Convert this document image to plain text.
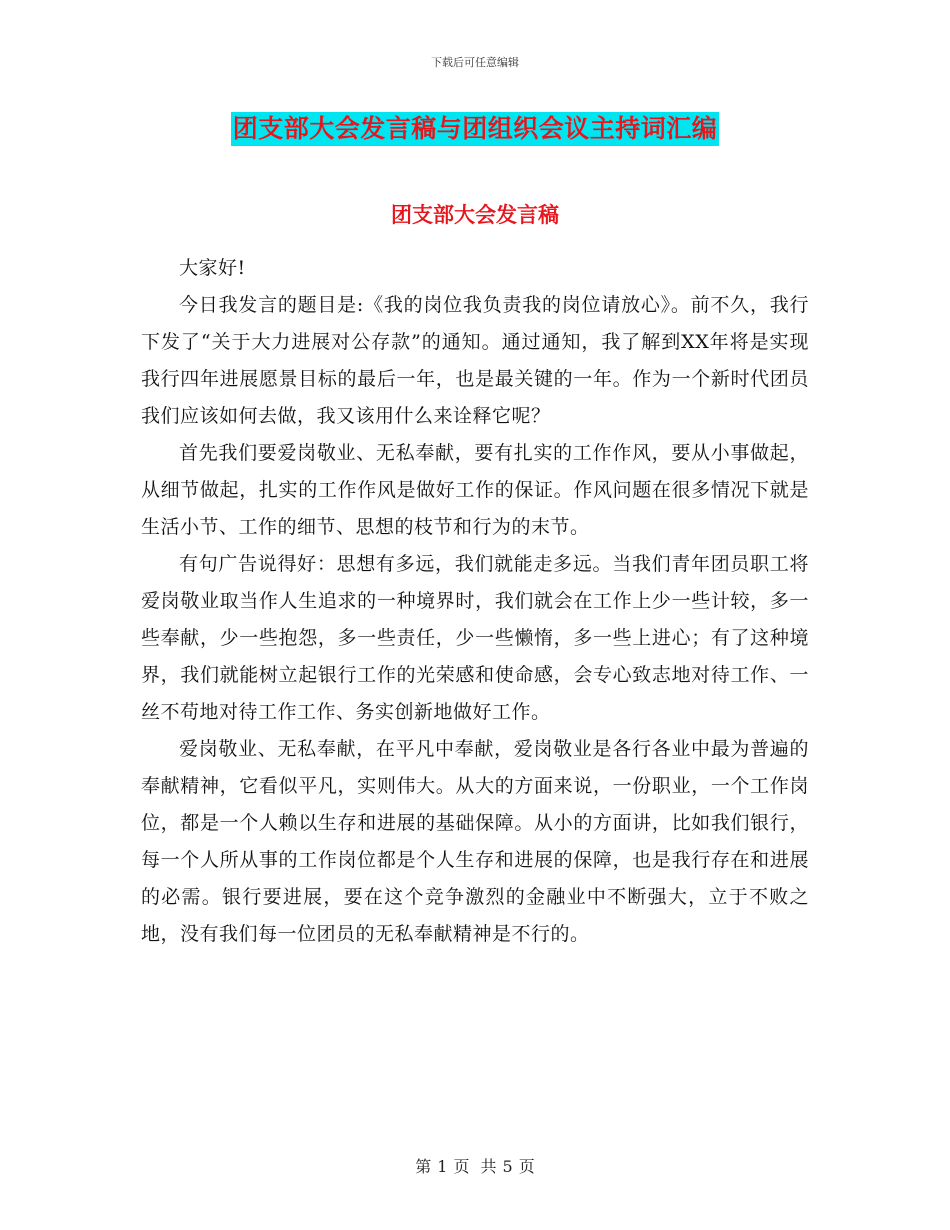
下载后可任意编辑
团支部大会发言稿与团组织会议主持词汇编
团支部大会发言稿

大家好!

今日我发言的题目是:《我的岗位我负责我的岗位请放心》。前不久，我行下发了“关于大力进展对公存款”的通知。通过通知，我了解到XX年将是实现我行四年进展愿景目标的最后一年，也是最关键的一年。作为一个新时代团员我们应该如何去做，我又该用什么来诠释它呢？

首先我们要爱岗敬业、无私奉献，要有扎实的工作作风，要从小事做起，从细节做起，扎实的工作作风是做好工作的保证。作风问题在很多情况下就是生活小节、工作的细节、思想的枝节和行为的末节。

有句广告说得好：思想有多远，我们就能走多远。当我们青年团员职工将爱岗敬业取当作人生追求的一种境界时，我们就会在工作上少一些计较，多一些奉献，少一些抱怨，多一些责任，少一些懒惰，多一些上进心；有了这种境界，我们就能树立起银行工作的光荣感和使命感，会专心致志地对待工作、一丝不苟地对待工作工作、务实创新地做好工作。

爱岗敬业、无私奉献，在平凡中奉献，爱岗敬业是各行各业中最为普遍的奉献精神，它看似平凡，实则伟大。从大的方面来说，一份职业，一个工作岗位，都是一个人赖以生存和进展的基础保障。从小的方面讲，比如我们银行，每一个人所从事的工作岗位都是个人生存和进展的保障，也是我行存在和进展的必需。银行要进展，要在这个竞争激烈的金融业中不断强大，立于不败之地，没有我们每一位团员的无私奉献精神是不行的。

第 1 页 共 5 页
